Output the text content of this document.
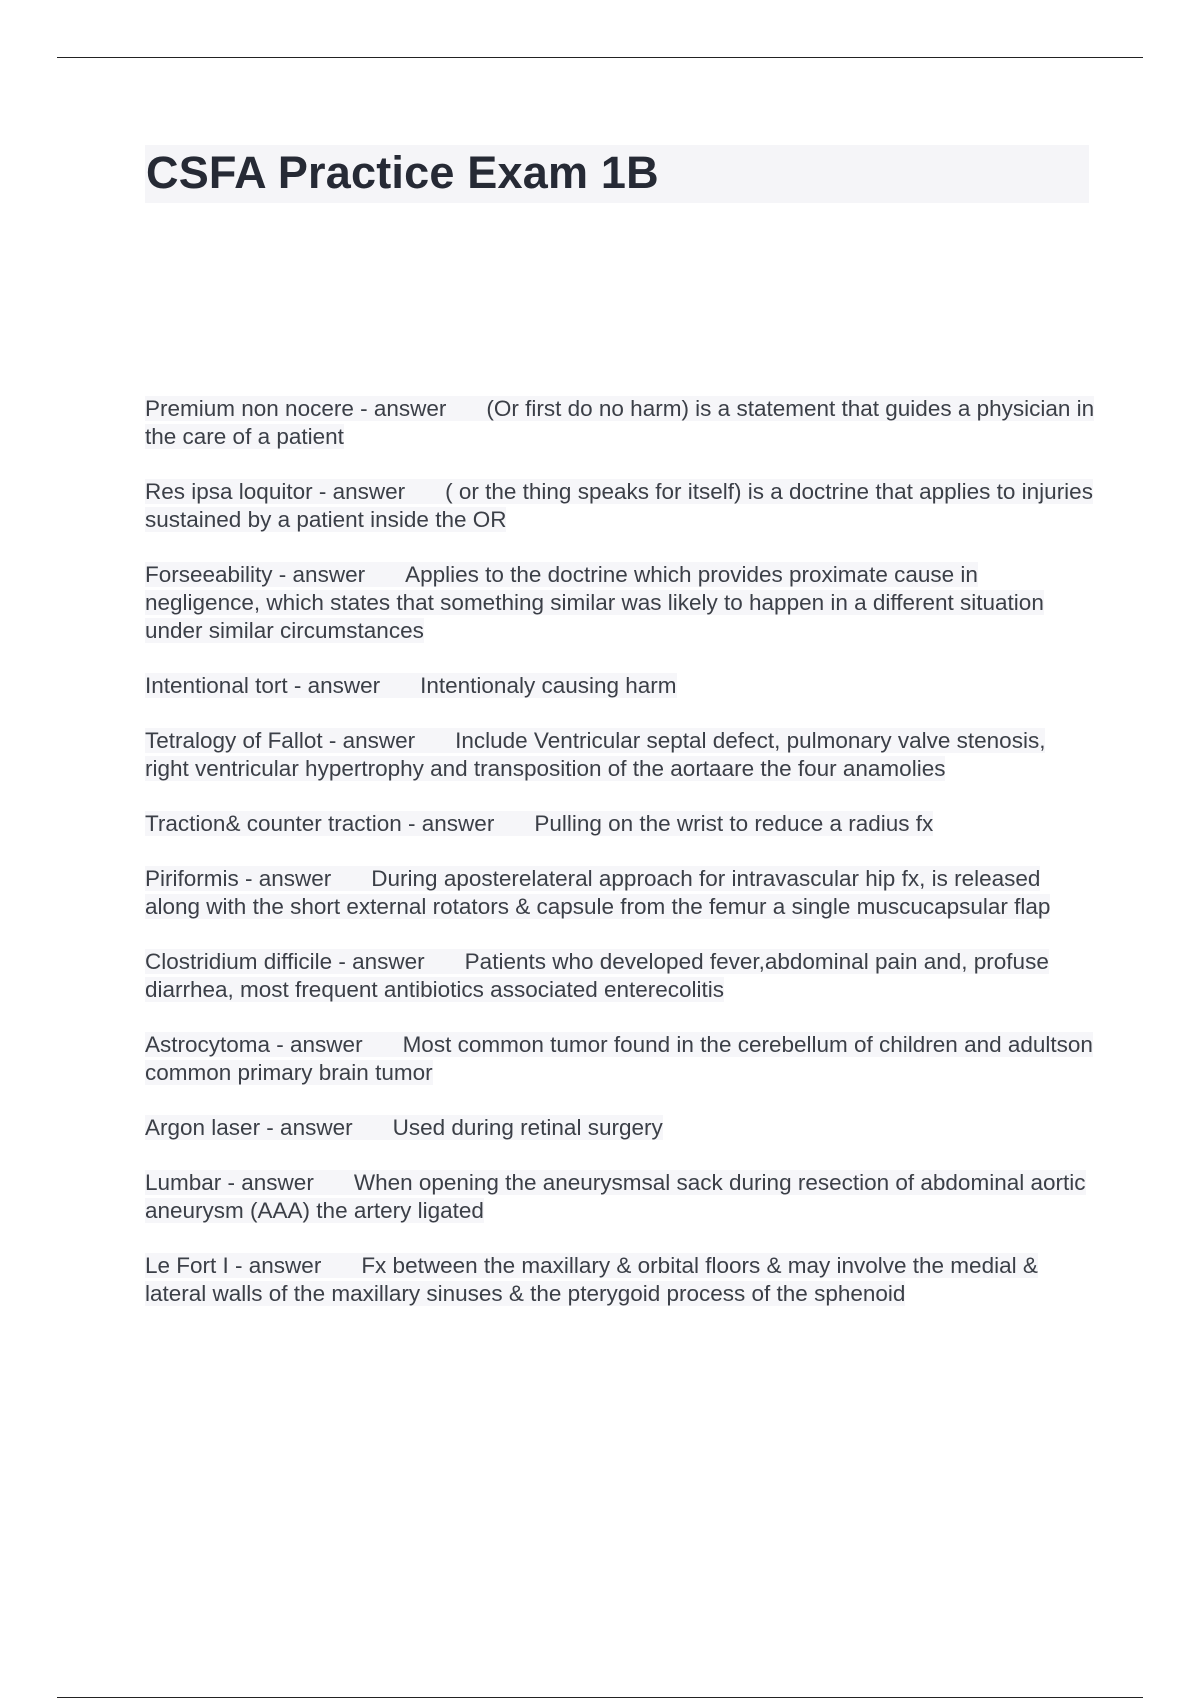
CSFA Practice Exam 1B

Premium non nocere - answer (Or first do no harm) is a statement that guides a physician in the care of a patient

Res ipsa loquitor - answer ( or the thing speaks for itself) is a doctrine that applies to injuries sustained by a patient inside the OR

Forseeability - answer Applies to the doctrine which provides proximate cause in negligence, which states that something similar was likely to happen in a different situation under similar circumstances

Intentional tort - answer Intentionaly causing harm

Tetralogy of Fallot - answer Include Ventricular septal defect, pulmonary valve stenosis, right ventricular hypertrophy and transposition of the aortaare the four anamolies

Traction& counter traction - answer Pulling on the wrist to reduce a radius fx

Piriformis - answer During aposterelateral approach for intravascular hip fx, is released along with the short external rotators & capsule from the femur a single muscucapsular flap

Clostridium difficile - answer Patients who developed fever,abdominal pain and, profuse diarrhea, most frequent antibiotics associated enterecolitis

Astrocytoma - answer Most common tumor found in the cerebellum of children and adultson common primary brain tumor

Argon laser - answer Used during retinal surgery

Lumbar - answer When opening the aneurysmsal sack during resection of abdominal aortic aneurysm (AAA) the artery ligated

Le Fort I - answer Fx between the maxillary & orbital floors & may involve the medial & lateral walls of the maxillary sinuses & the pterygoid process of the sphenoid
